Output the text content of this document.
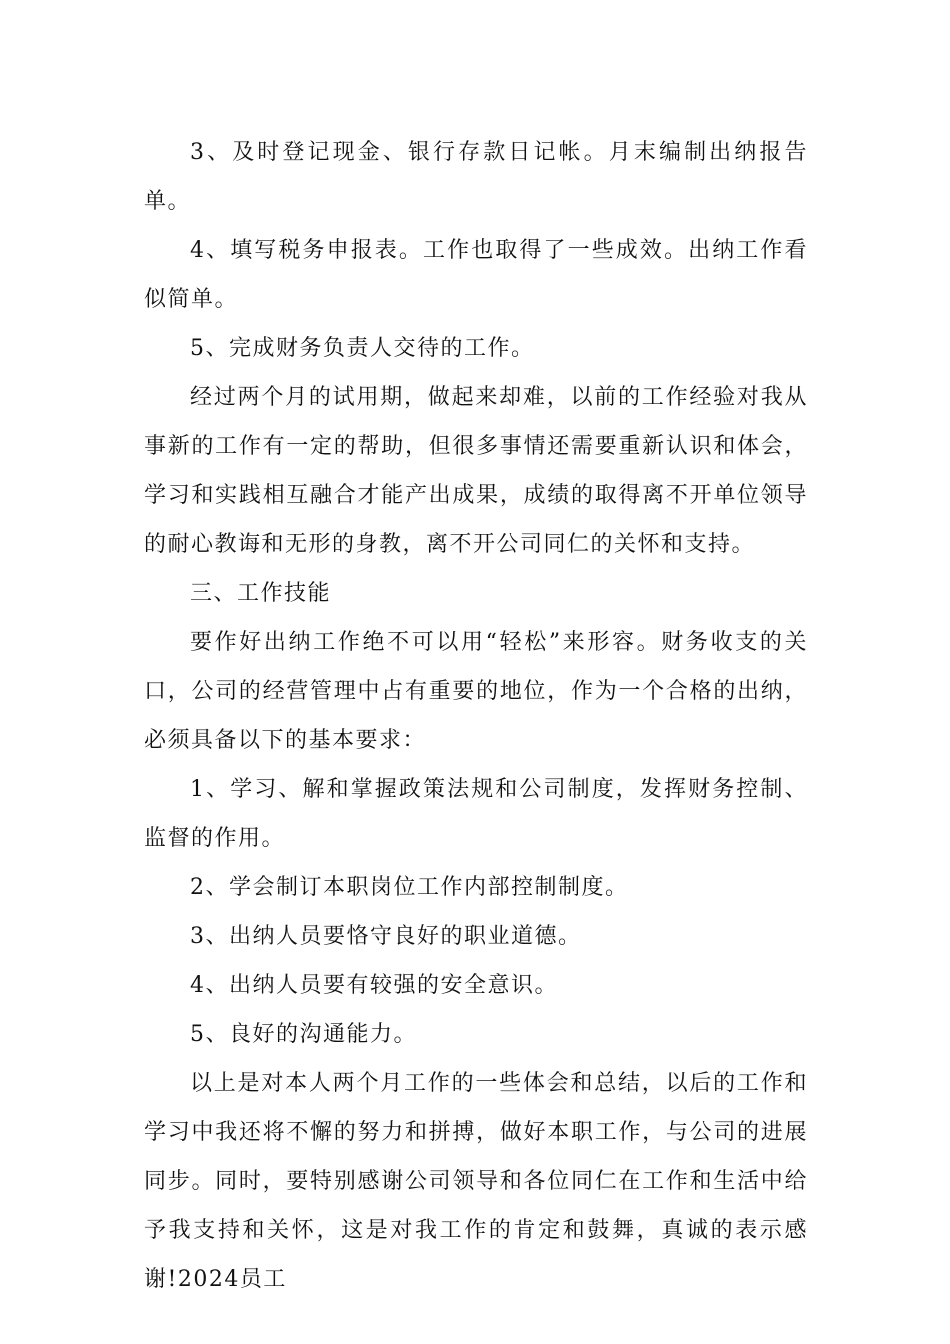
3、及时登记现金、银行存款日记帐。月末编制出纳报告单。

4、填写税务申报表。工作也取得了一些成效。出纳工作看似简单。

5、完成财务负责人交待的工作。

经过两个月的试用期，做起来却难，以前的工作经验对我从事新的工作有一定的帮助，但很多事情还需要重新认识和体会，学习和实践相互融合才能产出成果，成绩的取得离不开单位领导的耐心教诲和无形的身教，离不开公司同仁的关怀和支持。

三、工作技能

要作好出纳工作绝不可以用“轻松”来形容。财务收支的关口，公司的经营管理中占有重要的地位，作为一个合格的出纳，必须具备以下的基本要求：

1、学习、解和掌握政策法规和公司制度，发挥财务控制、监督的作用。

2、学会制订本职岗位工作内部控制制度。

3、出纳人员要恪守良好的职业道德。

4、出纳人员要有较强的安全意识。

5、良好的沟通能力。

以上是对本人两个月工作的一些体会和总结，以后的工作和学习中我还将不懈的努力和拼搏，做好本职工作，与公司的进展同步。同时，要特别感谢公司领导和各位同仁在工作和生活中给予我支持和关怀，这是对我工作的肯定和鼓舞，真诚的表示感谢!2024员工
